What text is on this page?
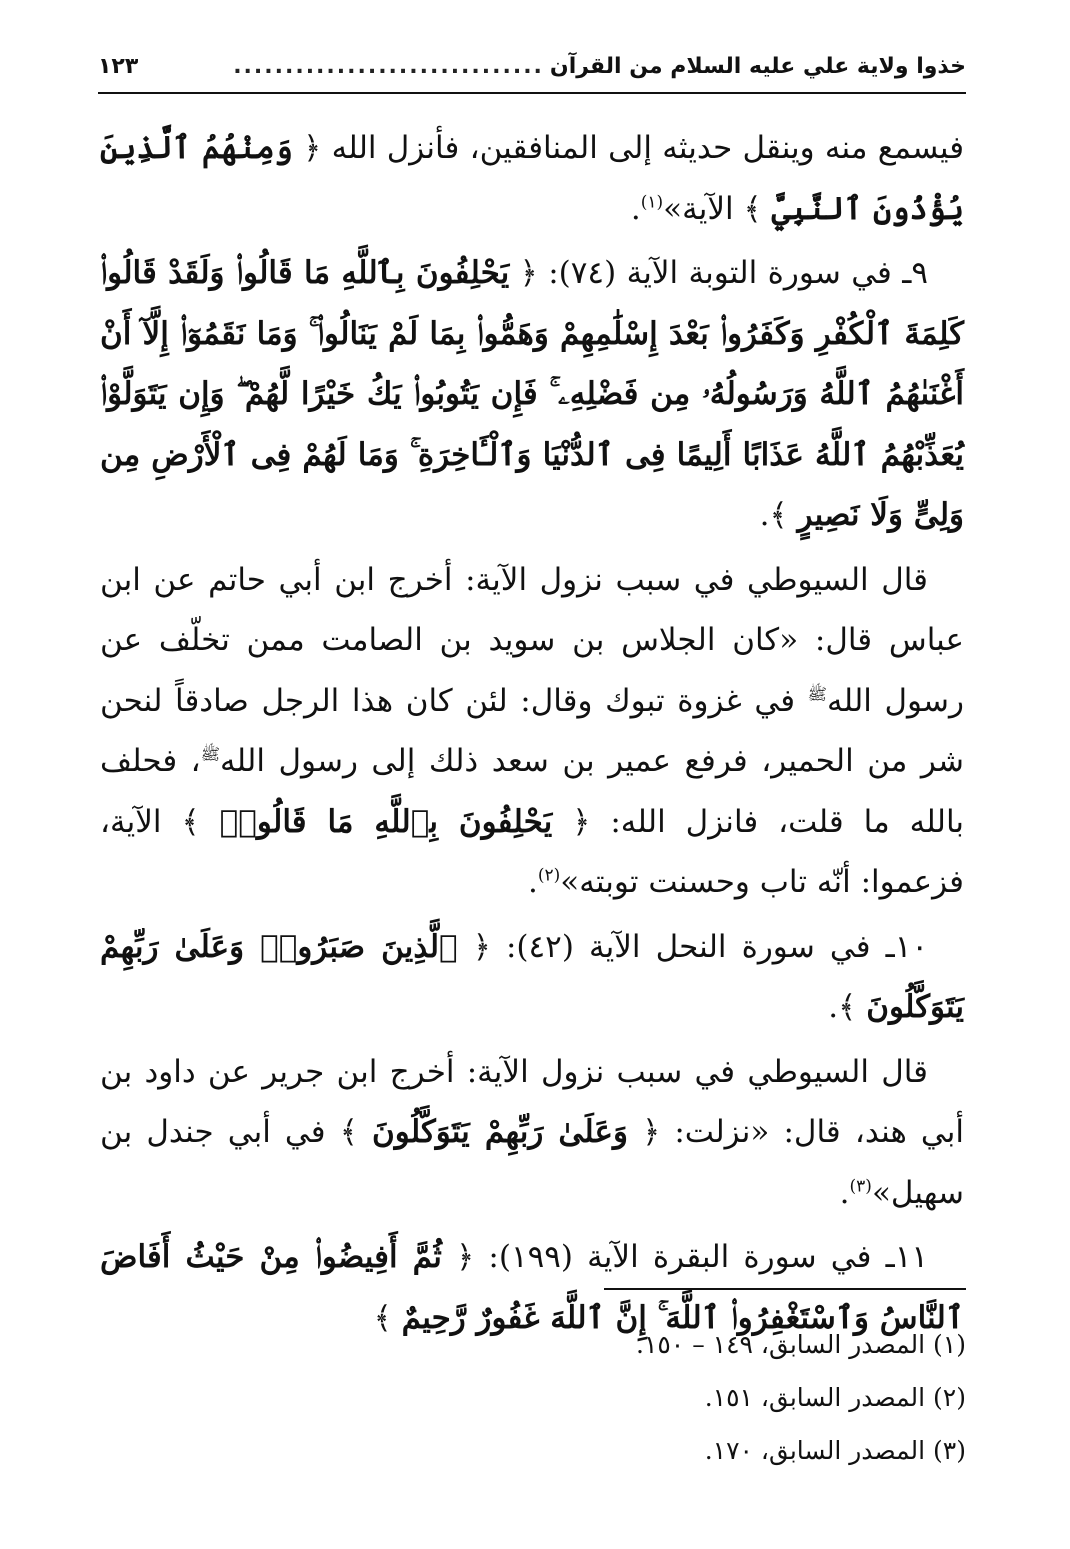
خذوا ولاية علي عليه السلام من القرآن
..............................
١٢٣

فيسمع منه وينقل حديثه إلى المنافقين، فأنزل الله ﴿ وَمِنْهُمُ ٱلَّذِينَ يُؤْذُونَ ٱلنَّبِيَّ ﴾ الآية»$^{(١)}$.

٩ـ في سورة التوبة الآية (٧٤): ﴿ يَحْلِفُونَ بِٱللَّهِ مَا قَالُوا۟ وَلَقَدْ قَالُوا۟ كَلِمَةَ ٱلْكُفْرِ وَكَفَرُوا۟ بَعْدَ إِسْلَٰمِهِمْ وَهَمُّوا۟ بِمَا لَمْ يَنَالُوا۟ ۚ وَمَا نَقَمُوٓا۟ إِلَّآ أَنْ أَغْنَىٰهُمُ ٱللَّهُ وَرَسُولُهُۥ مِن فَضْلِهِۦ ۚ فَإِن يَتُوبُوا۟ يَكُ خَيْرًا لَّهُمْ ۖ وَإِن يَتَوَلَّوْا۟ يُعَذِّبْهُمُ ٱللَّهُ عَذَابًا أَلِيمًا فِى ٱلدُّنْيَا وَٱلْـَٔاخِرَةِ ۚ وَمَا لَهُمْ فِى ٱلْأَرْضِ مِن وَلِىٍّ وَلَا نَصِيرٍ ﴾.

قال السيوطي في سبب نزول الآية: أخرج ابن أبي حاتم عن ابن عباس قال: «كان الجلاس بن سويد بن الصامت ممن تخلّف عن رسول الله$^ﷺ$ في غزوة تبوك وقال: لئن كان هذا الرجل صادقاً لنحن شر من الحمير، فرفع عمير بن سعد ذلك إلى رسول الله$^ﷺ$، فحلف بالله ما قلت، فانزل الله: ﴿ يَحْلِفُونَ بِٱللَّهِ مَا قَالُوا۟ ﴾ الآية، فزعموا: أنّه تاب وحسنت توبته»$^{(٢)}$.

١٠ـ في سورة النحل الآية (٤٢): ﴿ ٱلَّذِينَ صَبَرُوا۟ وَعَلَىٰ رَبِّهِمْ يَتَوَكَّلُونَ ﴾.

قال السيوطي في سبب نزول الآية: أخرج ابن جرير عن داود بن أبي هند، قال: «نزلت: ﴿ وَعَلَىٰ رَبِّهِمْ يَتَوَكَّلُونَ ﴾ في أبي جندل بن سهيل»$^{(٣)}$.

١١ـ في سورة البقرة الآية (١٩٩): ﴿ ثُمَّ أَفِيضُوا۟ مِنْ حَيْثُ أَفَاضَ ٱلنَّاسُ وَٱسْتَغْفِرُوا۟ ٱللَّهَ ۚ إِنَّ ٱللَّهَ غَفُورٌ رَّحِيمٌ ﴾

(١) المصدر السابق، ١٤٩ – ١٥٠.
(٢) المصدر السابق، ١٥١.
(٣) المصدر السابق، ١٧٠.
